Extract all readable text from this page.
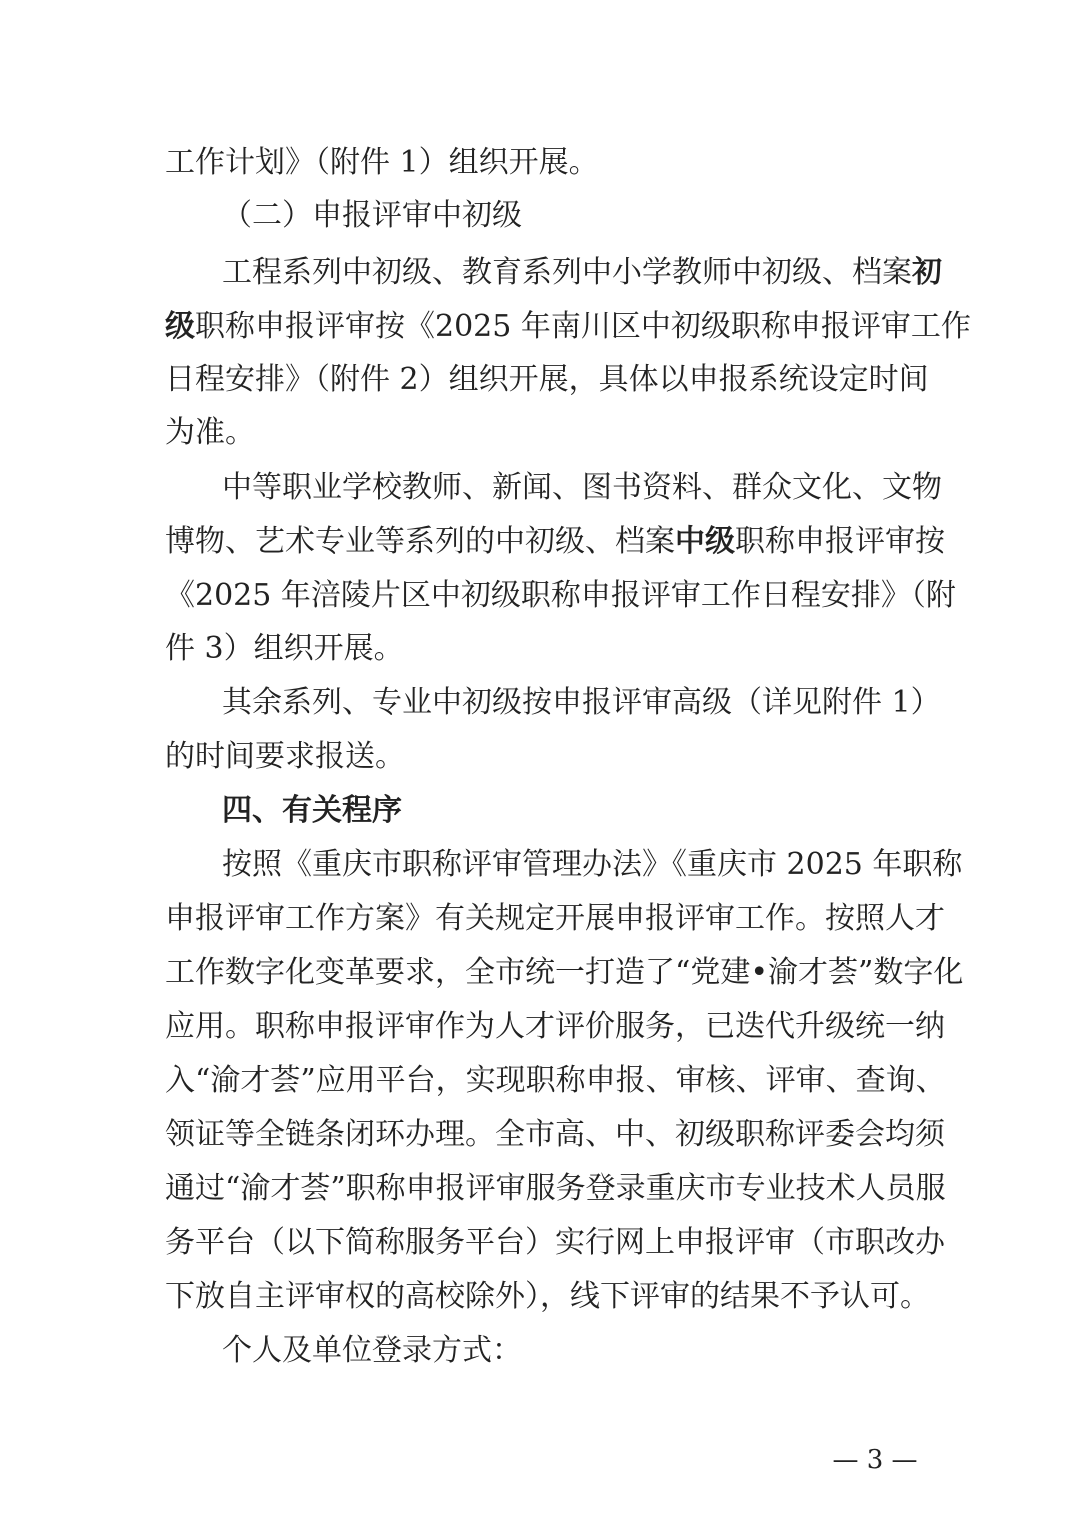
工作计划》（附件 1）组织开展。
（二）申报评审中初级
工程系列中初级、教育系列中小学教师中初级、档案初
级职称申报评审按《2025 年南川区中初级职称申报评审工作
日程安排》（附件 2）组织开展，具体以申报系统设定时间
为准。
中等职业学校教师、新闻、图书资料、群众文化、文物
博物、艺术专业等系列的中初级、档案中级职称申报评审按
《2025 年涪陵片区中初级职称申报评审工作日程安排》（附
件 3）组织开展。
其余系列、专业中初级按申报评审高级（详见附件 1）
的时间要求报送。
四、有关程序
按照《重庆市职称评审管理办法》《重庆市 2025 年职称
申报评审工作方案》有关规定开展申报评审工作。按照人才
工作数字化变革要求，全市统一打造了“党建•渝才荟”数字化
应用。职称申报评审作为人才评价服务，已迭代升级统一纳
入“渝才荟”应用平台，实现职称申报、审核、评审、查询、
领证等全链条闭环办理。全市高、中、初级职称评委会均须
通过“渝才荟”职称申报评审服务登录重庆市专业技术人员服
务平台（以下简称服务平台）实行网上申报评审（市职改办
下放自主评审权的高校除外），线下评审的结果不予认可。
个人及单位登录方式：
— 3 —
